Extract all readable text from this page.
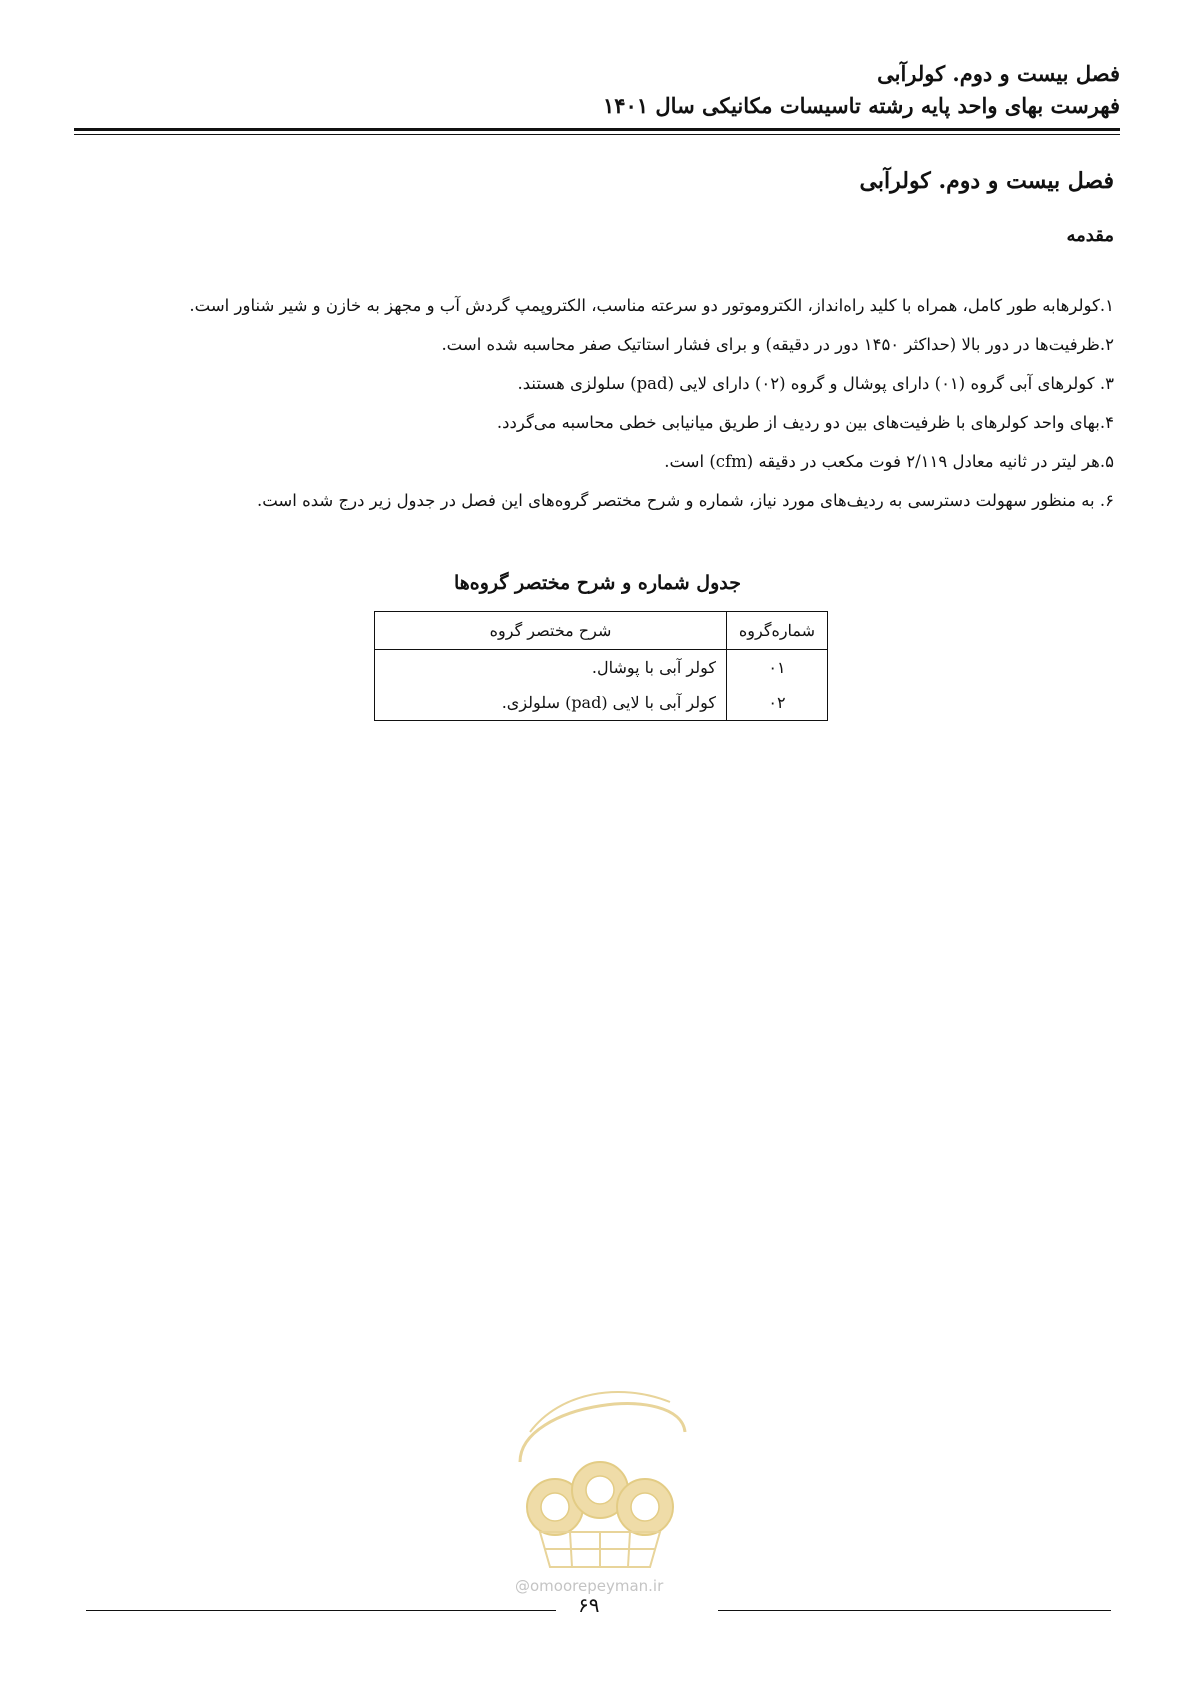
فصل بیست و دوم. کولرآبی
فهرست بهای واحد پایه رشته تاسیسات مکانیکی سال ۱۴۰۱
فصل بیست و دوم. کولرآبی
مقدمه
۱.کولرهابه طور کامل، همراه با کلید راه‌انداز، الکتروموتور دو سرعته مناسب، الکتروپمپ گردش آب و مجهز به خازن و شیر شناور است.
۲.ظرفیت‌ها در دور بالا (حداکثر ۱۴۵۰ دور در دقیقه) و برای فشار استاتیک صفر محاسبه شده است.
۳. کولرهای آبی گروه (۰۱) دارای پوشال و گروه (۰۲) دارای لایی (pad) سلولزی هستند.
۴.بهای واحد کولرهای با ظرفیت‌های بین دو ردیف از طریق میانیابی خطی محاسبه می‌گردد.
۵.هر لیتر در ثانیه معادل ۲/۱۱۹ فوت مکعب در دقیقه (cfm) است.
۶. به منظور سهولت دسترسی به ردیف‌های مورد نیاز، شماره و شرح مختصر گروه‌های این فصل در جدول زیر درج شده است.
جدول شماره و شرح مختصر گروه‌ها
شماره‌گروه	شرح مختصر گروه
۰۱	کولر آبی با پوشال.
۰۲	کولر آبی با لایی (pad) سلولزی.
@omoorepeyman.ir
۶۹
